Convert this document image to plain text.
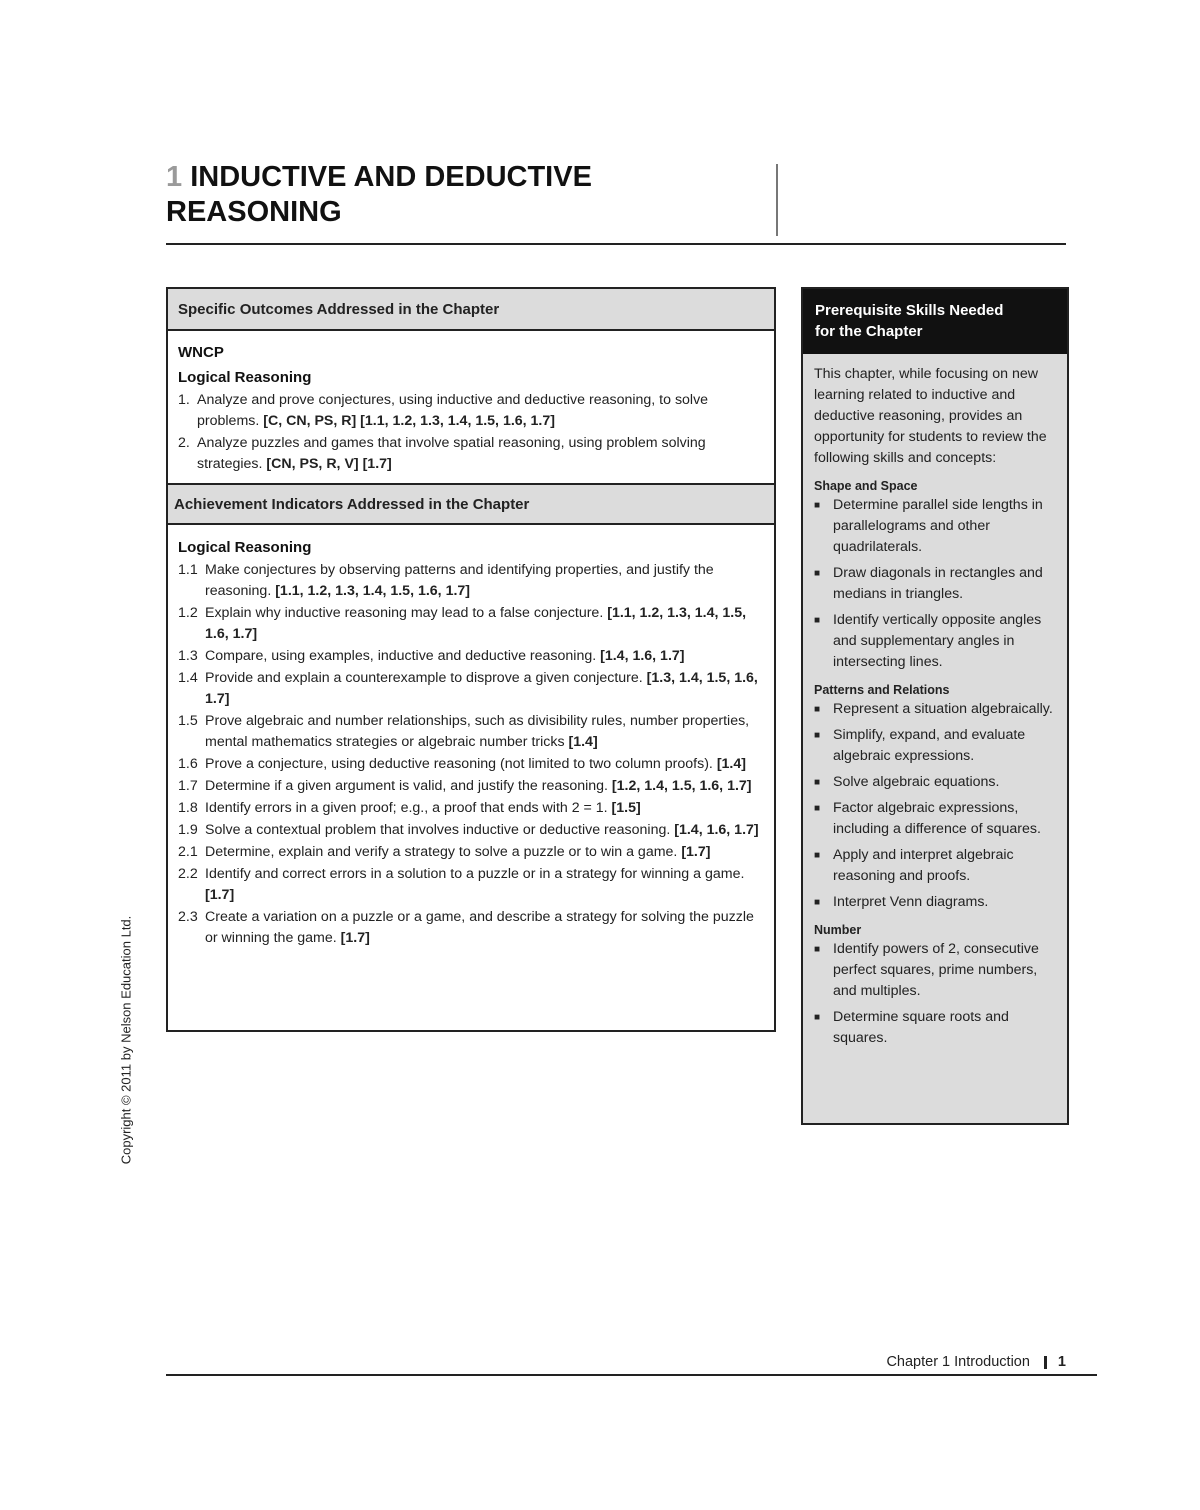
1 INDUCTIVE AND DEDUCTIVE
REASONING
Specific Outcomes Addressed in the Chapter
WNCP
Logical Reasoning
1. Analyze and prove conjectures, using inductive and deductive reasoning, to solve problems. [C, CN, PS, R] [1.1, 1.2, 1.3, 1.4, 1.5, 1.6, 1.7]
2. Analyze puzzles and games that involve spatial reasoning, using problem solving strategies. [CN, PS, R, V] [1.7]
Achievement Indicators Addressed in the Chapter
Logical Reasoning
1.1 Make conjectures by observing patterns and identifying properties, and justify the reasoning. [1.1, 1.2, 1.3, 1.4, 1.5, 1.6, 1.7]
1.2 Explain why inductive reasoning may lead to a false conjecture. [1.1, 1.2, 1.3, 1.4, 1.5, 1.6, 1.7]
1.3 Compare, using examples, inductive and deductive reasoning. [1.4, 1.6, 1.7]
1.4 Provide and explain a counterexample to disprove a given conjecture. [1.3, 1.4, 1.5, 1.6, 1.7]
1.5 Prove algebraic and number relationships, such as divisibility rules, number properties, mental mathematics strategies or algebraic number tricks [1.4]
1.6 Prove a conjecture, using deductive reasoning (not limited to two column proofs). [1.4]
1.7 Determine if a given argument is valid, and justify the reasoning. [1.2, 1.4, 1.5, 1.6, 1.7]
1.8 Identify errors in a given proof; e.g., a proof that ends with 2 = 1. [1.5]
1.9 Solve a contextual problem that involves inductive or deductive reasoning. [1.4, 1.6, 1.7]
2.1 Determine, explain and verify a strategy to solve a puzzle or to win a game. [1.7]
2.2 Identify and correct errors in a solution to a puzzle or in a strategy for winning a game. [1.7]
2.3 Create a variation on a puzzle or a game, and describe a strategy for solving the puzzle or winning the game. [1.7]
Prerequisite Skills Needed
for the Chapter
This chapter, while focusing on new learning related to inductive and deductive reasoning, provides an opportunity for students to review the following skills and concepts:
Shape and Space
■ Determine parallel side lengths in parallelograms and other quadrilaterals.
■ Draw diagonals in rectangles and medians in triangles.
■ Identify vertically opposite angles and supplementary angles in intersecting lines.
Patterns and Relations
■ Represent a situation algebraically.
■ Simplify, expand, and evaluate algebraic expressions.
■ Solve algebraic equations.
■ Factor algebraic expressions, including a difference of squares.
■ Apply and interpret algebraic reasoning and proofs.
■ Interpret Venn diagrams.
Number
■ Identify powers of 2, consecutive perfect squares, prime numbers, and multiples.
■ Determine square roots and squares.
Copyright © 2011 by Nelson Education Ltd.
Chapter 1 Introduction 1
